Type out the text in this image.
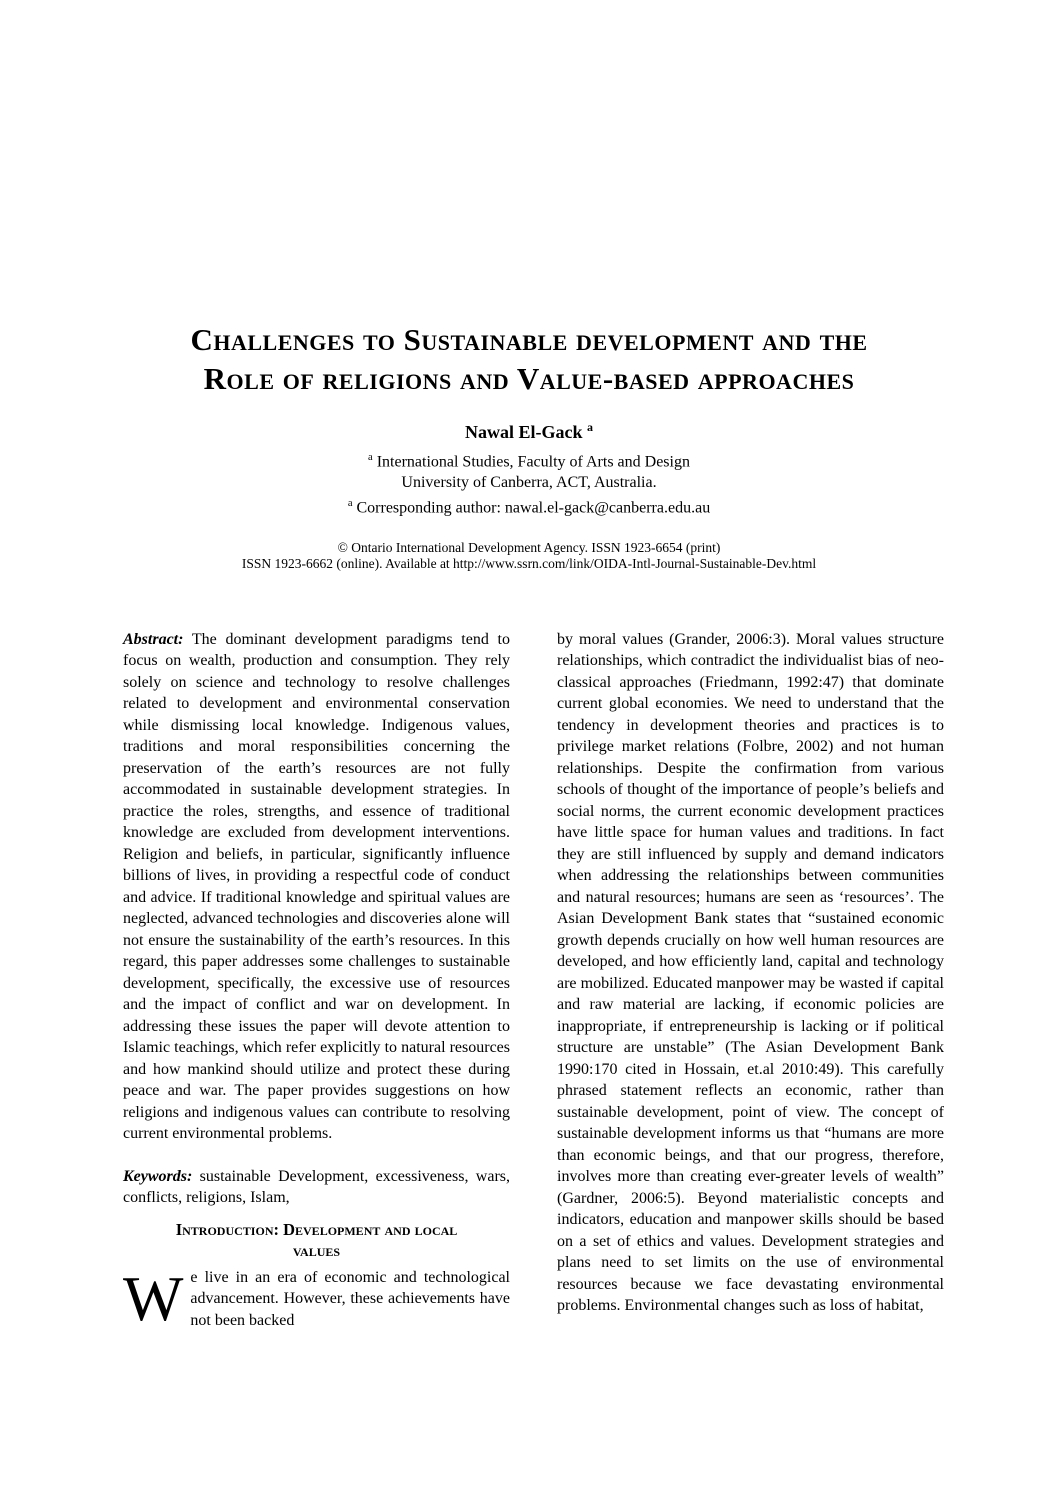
Challenges to Sustainable development and the
Role of religions and Value-based approaches
Nawal El-Gack $^a$
$^a$ International Studies, Faculty of Arts and Design
University of Canberra, ACT, Australia.
$^a$ Corresponding author: nawal.el-gack@canberra.edu.au
© Ontario International Development Agency. ISSN 1923-6654 (print)
ISSN 1923-6662 (online). Available at http://www.ssrn.com/link/OIDA-Intl-Journal-Sustainable-Dev.html

Abstract: The dominant development paradigms tend to focus on wealth, production and consumption. They rely solely on science and technology to resolve challenges related to development and environmental conservation while dismissing local knowledge. Indigenous values, traditions and moral responsibilities concerning the preservation of the earth’s resources are not fully accommodated in sustainable development strategies. In practice the roles, strengths, and essence of traditional knowledge are excluded from development interventions. Religion and beliefs, in particular, significantly influence billions of lives, in providing a respectful code of conduct and advice. If traditional knowledge and spiritual values are neglected, advanced technologies and discoveries alone will not ensure the sustainability of the earth’s resources. In this regard, this paper addresses some challenges to sustainable development, specifically, the excessive use of resources and the impact of conflict and war on development. In addressing these issues the paper will devote attention to Islamic teachings, which refer explicitly to natural resources and how mankind should utilize and protect these during peace and war. The paper provides suggestions on how religions and indigenous values can contribute to resolving current environmental problems.

Keywords: sustainable Development, excessiveness, wars, conflicts, religions, Islam,

Introduction: Development and local
values

We live in an era of economic and technological advancement. However, these achievements have not been backed

by moral values (Grander, 2006:3). Moral values structure relationships, which contradict the individualist bias of neo-classical approaches (Friedmann, 1992:47) that dominate current global economies. We need to understand that the tendency in development theories and practices is to privilege market relations (Folbre, 2002) and not human relationships. Despite the confirmation from various schools of thought of the importance of people’s beliefs and social norms, the current economic development practices have little space for human values and traditions. In fact they are still influenced by supply and demand indicators when addressing the relationships between communities and natural resources; humans are seen as ‘resources’. The Asian Development Bank states that “sustained economic growth depends crucially on how well human resources are developed, and how efficiently land, capital and technology are mobilized. Educated manpower may be wasted if capital and raw material are lacking, if economic policies are inappropriate, if entrepreneurship is lacking or if political structure are unstable” (The Asian Development Bank 1990:170 cited in Hossain, et.al 2010:49). This carefully phrased statement reflects an economic, rather than sustainable development, point of view. The concept of sustainable development informs us that “humans are more than economic beings, and that our progress, therefore, involves more than creating ever-greater levels of wealth” (Gardner, 2006:5). Beyond materialistic concepts and indicators, education and manpower skills should be based on a set of ethics and values. Development strategies and plans need to set limits on the use of environmental resources because we face devastating environmental problems. Environmental changes such as loss of habitat,
